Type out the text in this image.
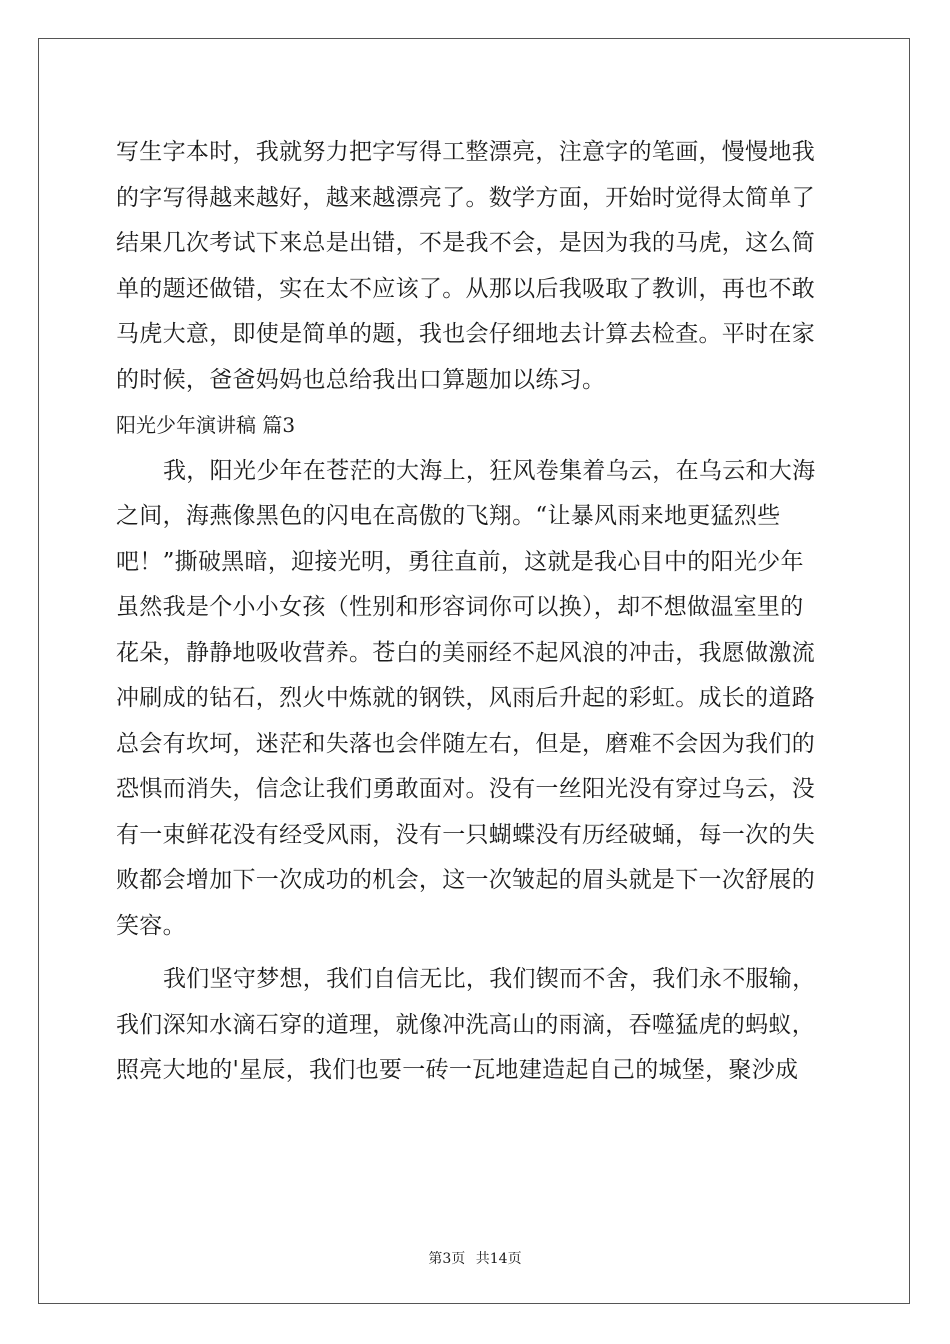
写生字本时，我就努力把字写得工整漂亮，注意字的笔画，慢慢地我
的字写得越来越好，越来越漂亮了。数学方面，开始时觉得太简单了
结果几次考试下来总是出错，不是我不会，是因为我的马虎，这么简
单的题还做错，实在太不应该了。从那以后我吸取了教训，再也不敢
马虎大意，即使是简单的题，我也会仔细地去计算去检查。平时在家
的时候，爸爸妈妈也总给我出口算题加以练习。
阳光少年演讲稿 篇3
我，阳光少年在苍茫的大海上，狂风卷集着乌云，在乌云和大海
之间，海燕像黑色的闪电在高傲的飞翔。“让暴风雨来地更猛烈些
吧！”撕破黑暗，迎接光明，勇往直前，这就是我心目中的阳光少年
虽然我是个小小女孩（性别和形容词你可以换），却不想做温室里的
花朵，静静地吸收营养。苍白的美丽经不起风浪的冲击，我愿做激流
冲刷成的钻石，烈火中炼就的钢铁，风雨后升起的彩虹。成长的道路
总会有坎坷，迷茫和失落也会伴随左右，但是，磨难不会因为我们的
恐惧而消失，信念让我们勇敢面对。没有一丝阳光没有穿过乌云，没
有一束鲜花没有经受风雨，没有一只蝴蝶没有历经破蛹，每一次的失
败都会增加下一次成功的机会，这一次皱起的眉头就是下一次舒展的
笑容。
我们坚守梦想，我们自信无比，我们锲而不舍，我们永不服输，
我们深知水滴石穿的道理，就像冲洗高山的雨滴，吞噬猛虎的蚂蚁，
照亮大地的'星辰，我们也要一砖一瓦地建造起自己的城堡，聚沙成
第3页 共14页
